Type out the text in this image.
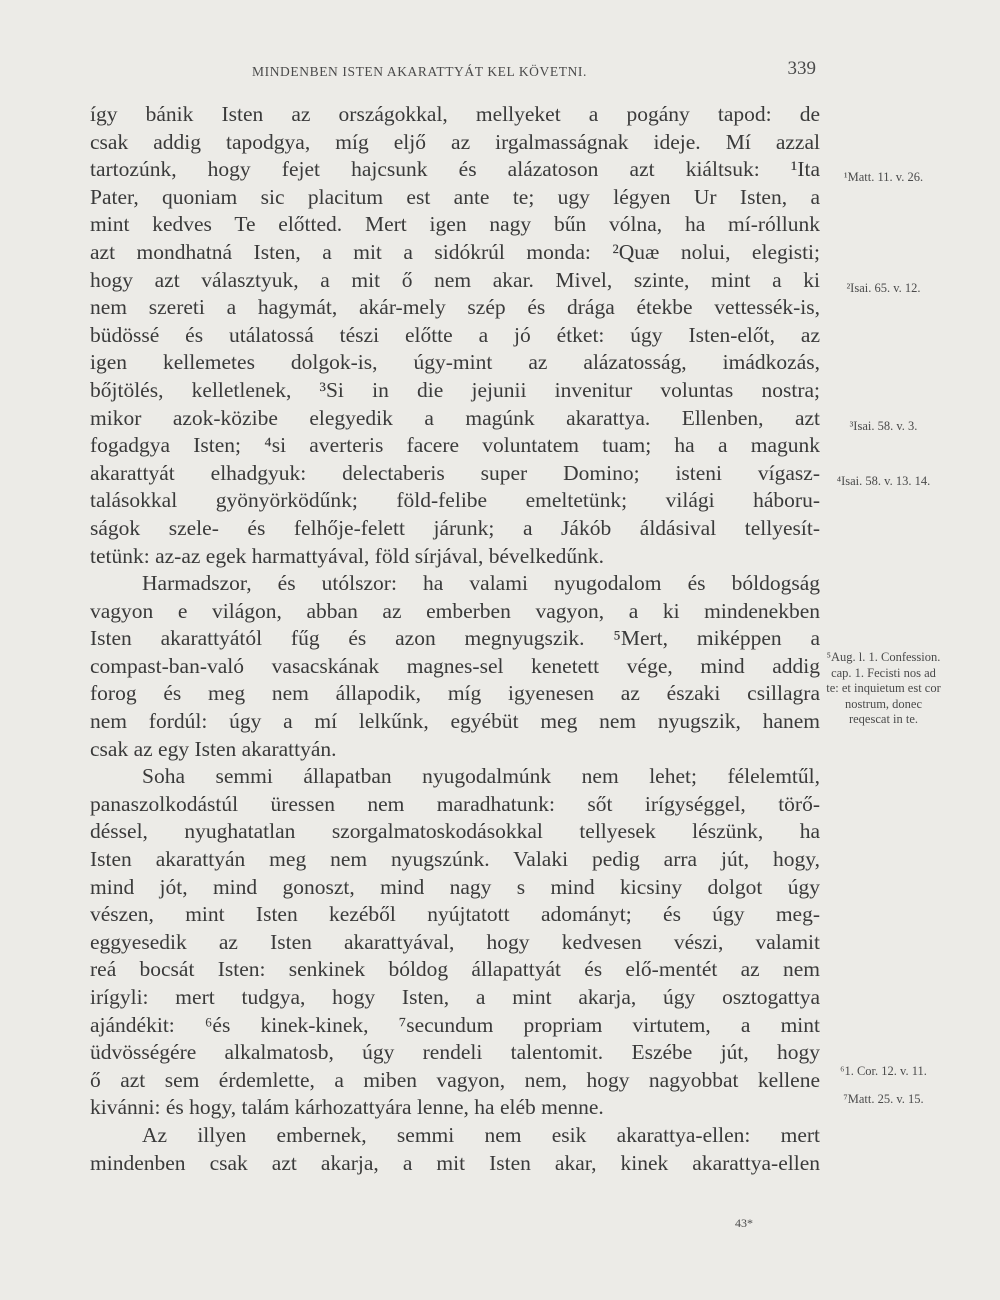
MINDENBEN ISTEN AKARATTYÁT KEL KÖVETNI.	339
így bánik Isten az országokkal, mellyeket a pogány tapod: de
csak addig tapodgya, míg eljő az irgalmasságnak ideje. Mí azzal
tartozúnk, hogy fejet hajcsunk és alázatoson azt kiáltsuk: ¹Ita
Pater, quoniam sic placitum est ante te; ugy légyen Ur Isten, a
mint kedves Te előtted. Mert igen nagy bűn vólna, ha mí-róllunk
azt mondhatná Isten, a mit a sidókrúl monda: ²Quæ nolui, elegisti;
hogy azt választyuk, a mit ő nem akar. Mivel, szinte, mint a ki
nem szereti a hagymát, akár-mely szép és drága étekbe vettessék-is,
büdössé és utálatossá tészi előtte a jó étket: úgy Isten-előt, az
igen kellemetes dolgok-is, úgy-mint az alázatosság, imádkozás,
bőjtölés, kelletlenek, ³Si in die jejunii invenitur voluntas nostra;
mikor azok-közibe elegyedik a magúnk akarattya. Ellenben, azt
fogadgya Isten; ⁴si averteris facere voluntatem tuam; ha a magunk
akarattyát elhadgyuk: delectaberis super Domino; isteni vígasz-
talásokkal gyönyörködűnk; föld-felibe emeltetünk; világi háboru-
ságok szele- és felhője-felett járunk; a Jákób áldásival tellyesít-
tetünk: az-az egek harmattyával, föld sírjával, bévelkedűnk.
Harmadszor, és utólszor: ha valami nyugodalom és bóldogság
vagyon e világon, abban az emberben vagyon, a ki mindenekben
Isten akarattyától fűg és azon megnyugszik. ⁵Mert, miképpen a
compast-ban-való vasacskának magnes-sel kenetett vége, mind addig
forog és meg nem állapodik, míg igyenesen az északi csillagra
nem fordúl: úgy a mí lelkűnk, egyébüt meg nem nyugszik, hanem
csak az egy Isten akarattyán.
Soha semmi állapatban nyugodalmúnk nem lehet; félelemtűl,
panaszolkodástúl üressen nem maradhatunk: sőt irígységgel, törő-
déssel, nyughatatlan szorgalmatoskodásokkal tellyesek lészünk, ha
Isten akarattyán meg nem nyugszúnk. Valaki pedig arra jút, hogy,
mind jót, mind gonoszt, mind nagy s mind kicsiny dolgot úgy
vészen, mint Isten kezéből nyújtatott adományt; és úgy meg-
eggyesedik az Isten akarattyával, hogy kedvesen vészi, valamit
reá bocsát Isten: senkinek bóldog állapattyát és elő-mentét az nem
irígyli: mert tudgya, hogy Isten, a mint akarja, úgy osztogattya
ajándékit: ⁶és kinek-kinek, ⁷secundum propriam virtutem, a mint
üdvösségére alkalmatosb, úgy rendeli talentomit. Eszébe jút, hogy
ő azt sem érdemlette, a miben vagyon, nem, hogy nagyobbat kellene
kivánni: és hogy, talám kárhozattyára lenne, ha eléb menne.
Az illyen embernek, semmi nem esik akarattya-ellen: mert
mindenben csak azt akarja, a mit Isten akar, kinek akarattya-ellen
¹Matt. 11. v. 26.
²Isai. 65. v. 12.
³Isai. 58. v. 3.
⁴Isai. 58. v. 13. 14.
⁵Aug. l. 1. Confession. cap. 1. Fecisti nos ad te: et inquietum est cor nostrum, donec reqescat in te.
⁶1. Cor. 12. v. 11.
⁷Matt. 25. v. 15.
43*
